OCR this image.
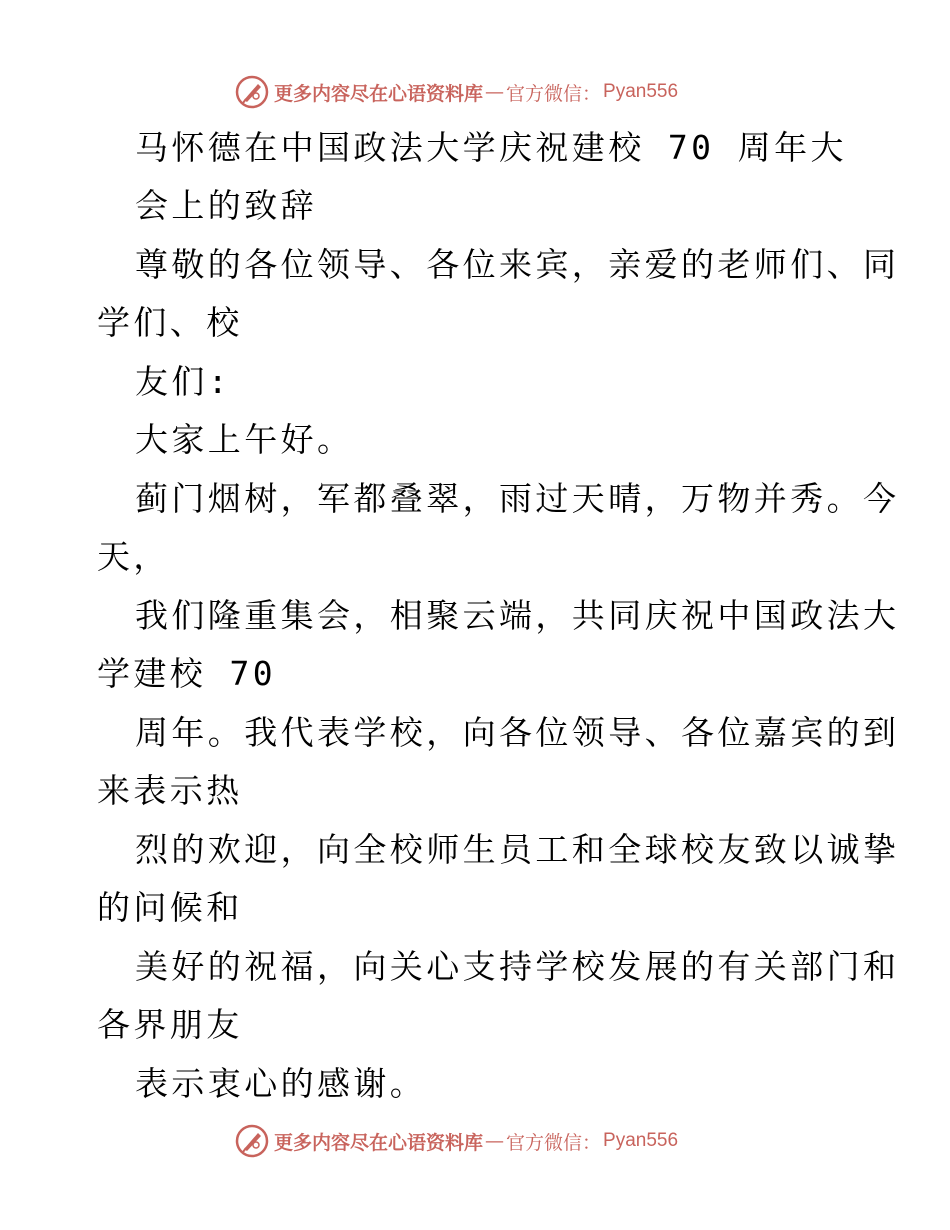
更多内容尽在心语资料库 — 官方微信： Pyan556
马怀德在中国政法大学庆祝建校 70 周年大
会上的致辞
尊敬的各位领导、各位来宾，亲爱的老师们、同
学们、校
友们:
大家上午好。
蓟门烟树，军都叠翠，雨过天晴，万物并秀。今
天，
我们隆重集会，相聚云端，共同庆祝中国政法大
学建校 70
周年。我代表学校，向各位领导、各位嘉宾的到
来表示热
烈的欢迎，向全校师生员工和全球校友致以诚挚
的问候和
美好的祝福，向关心支持学校发展的有关部门和
各界朋友
表示衷心的感谢。
更多内容尽在心语资料库 — 官方微信： Pyan556
